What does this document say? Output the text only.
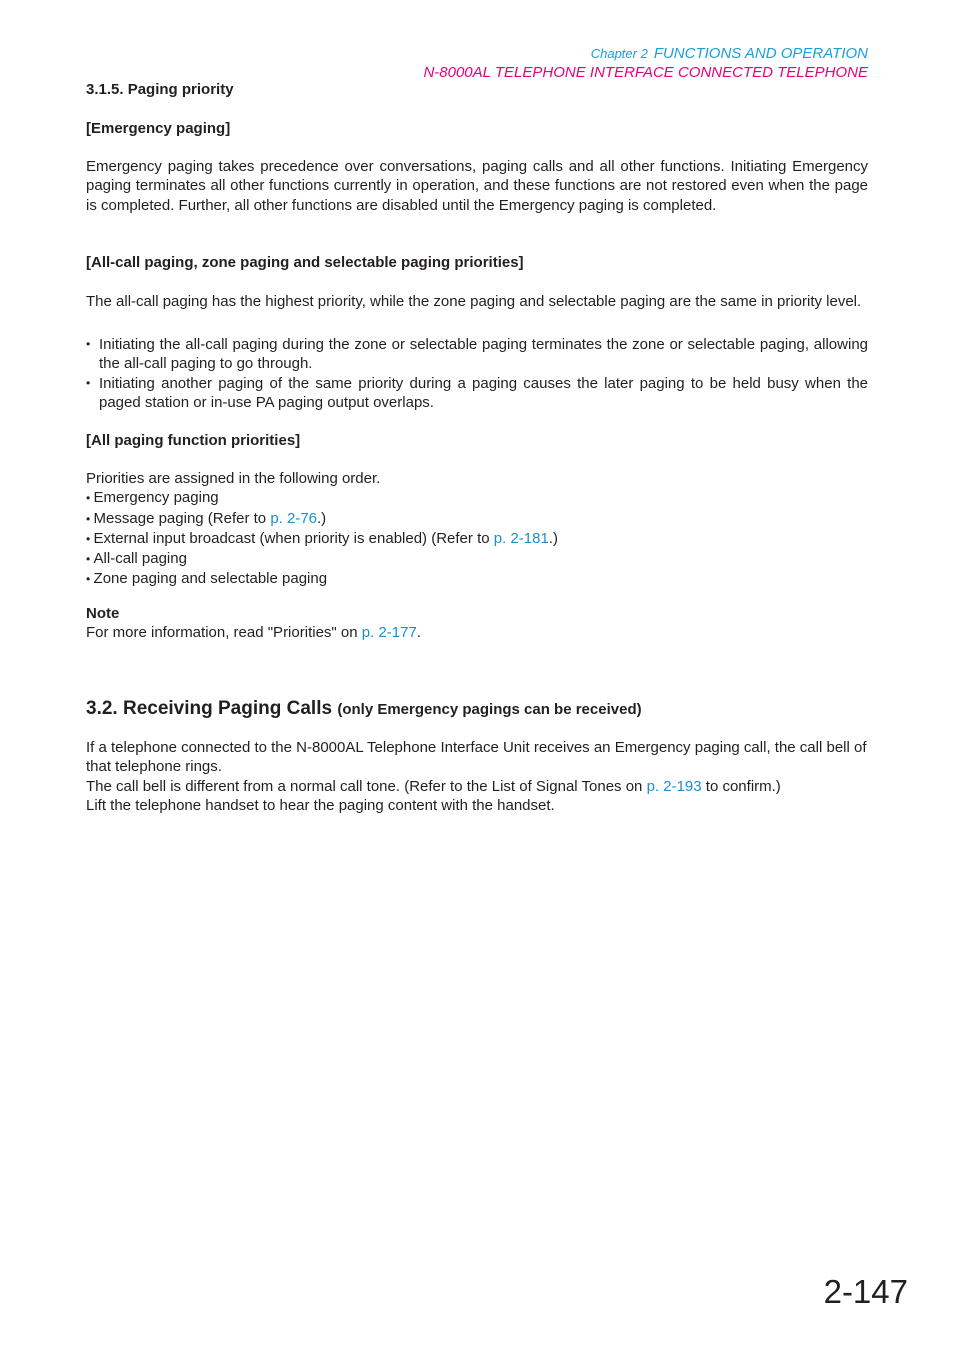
Chapter 2 FUNCTIONS AND OPERATION
N-8000AL TELEPHONE INTERFACE CONNECTED TELEPHONE
3.1.5. Paging priority
[Emergency paging]
Emergency paging takes precedence over conversations, paging calls and all other functions. Initiating Emergency paging terminates all other functions currently in operation, and these functions are not restored even when the page is completed. Further, all other functions are disabled until the Emergency paging is completed.
[All-call paging, zone paging and selectable paging priorities]
The all-call paging has the highest priority, while the zone paging and selectable paging are the same in priority level.
• Initiating the all-call paging during the zone or selectable paging terminates the zone or selectable paging, allowing the all-call paging to go through.
• Initiating another paging of the same priority during a paging causes the later paging to be held busy when the paged station or in-use PA paging output overlaps.
[All paging function priorities]
Priorities are assigned in the following order.
• Emergency paging
• Message paging (Refer to p. 2-76.)
• External input broadcast (when priority is enabled) (Refer to p. 2-181.)
• All-call paging
• Zone paging and selectable paging
Note
For more information, read "Priorities" on p. 2-177.
3.2. Receiving Paging Calls (only Emergency pagings can be received)
If a telephone connected to the N-8000AL Telephone Interface Unit receives an Emergency paging call, the call bell of that telephone rings.
The call bell is different from a normal call tone. (Refer to the List of Signal Tones on p. 2-193 to confirm.)
Lift the telephone handset to hear the paging content with the handset.
2-147
